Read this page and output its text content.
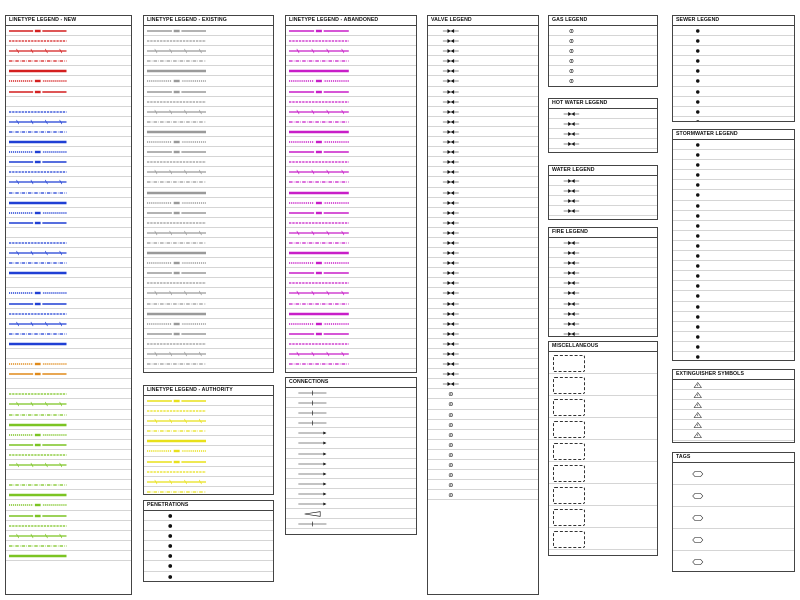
LINETYPE LEGEND - NEW	LINETYPE LEGEND - EXISTING
LINETYPE LEGEND - AUTHORITY
PENETRATIONS
LINETYPE LEGEND - ABANDONED
CONNECTIONS
VALVE LEGEND	GAS LEGEND
HOT WATER LEGEND
WATER LEGEND
FIRE LEGEND
MISCELLANEOUS
SEWER LEGEND
STORMWATER LEGEND
EXTINGUISHER SYMBOLS
TAGS
